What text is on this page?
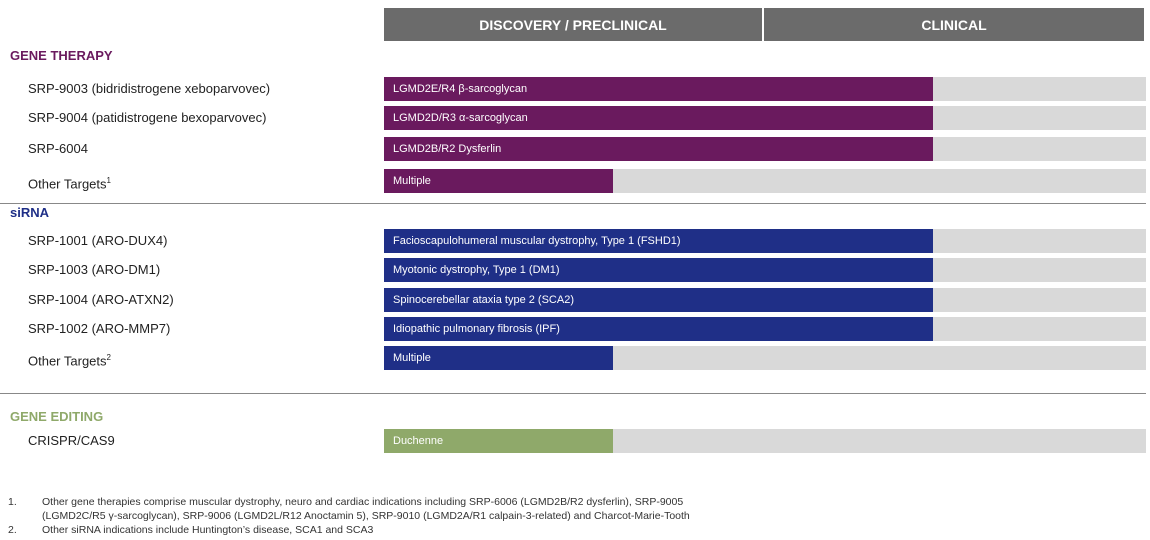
DISCOVERY / PRECLINICAL	CLINICAL
GENE THERAPY
SRP-9003 (bidridistrogene xeboparvovec)	LGMD2E/R4 β-sarcoglycan
SRP-9004 (patidistrogene bexoparvovec)	LGMD2D/R3 α-sarcoglycan
SRP-6004	LGMD2B/R2 Dysferlin
Other Targets$^1$	Multiple
siRNA
SRP-1001 (ARO-DUX4)	Facioscapulohumeral muscular dystrophy, Type 1 (FSHD1)
SRP-1003 (ARO-DM1)	Myotonic dystrophy, Type 1 (DM1)
SRP-1004 (ARO-ATXN2)	Spinocerebellar ataxia type 2 (SCA2)
SRP-1002 (ARO-MMP7)	Idiopathic pulmonary fibrosis (IPF)
Other Targets$^2$	Multiple
GENE EDITING
CRISPR/CAS9	Duchenne
1. Other gene therapies comprise muscular dystrophy, neuro and cardiac indications including SRP-6006 (LGMD2B/R2 dysferlin), SRP-9005
(LGMD2C/R5 γ-sarcoglycan), SRP-9006 (LGMD2L/R12 Anoctamin 5), SRP-9010 (LGMD2A/R1 calpain-3-related) and Charcot-Marie-Tooth
2. Other siRNA indications include Huntington’s disease, SCA1 and SCA3
